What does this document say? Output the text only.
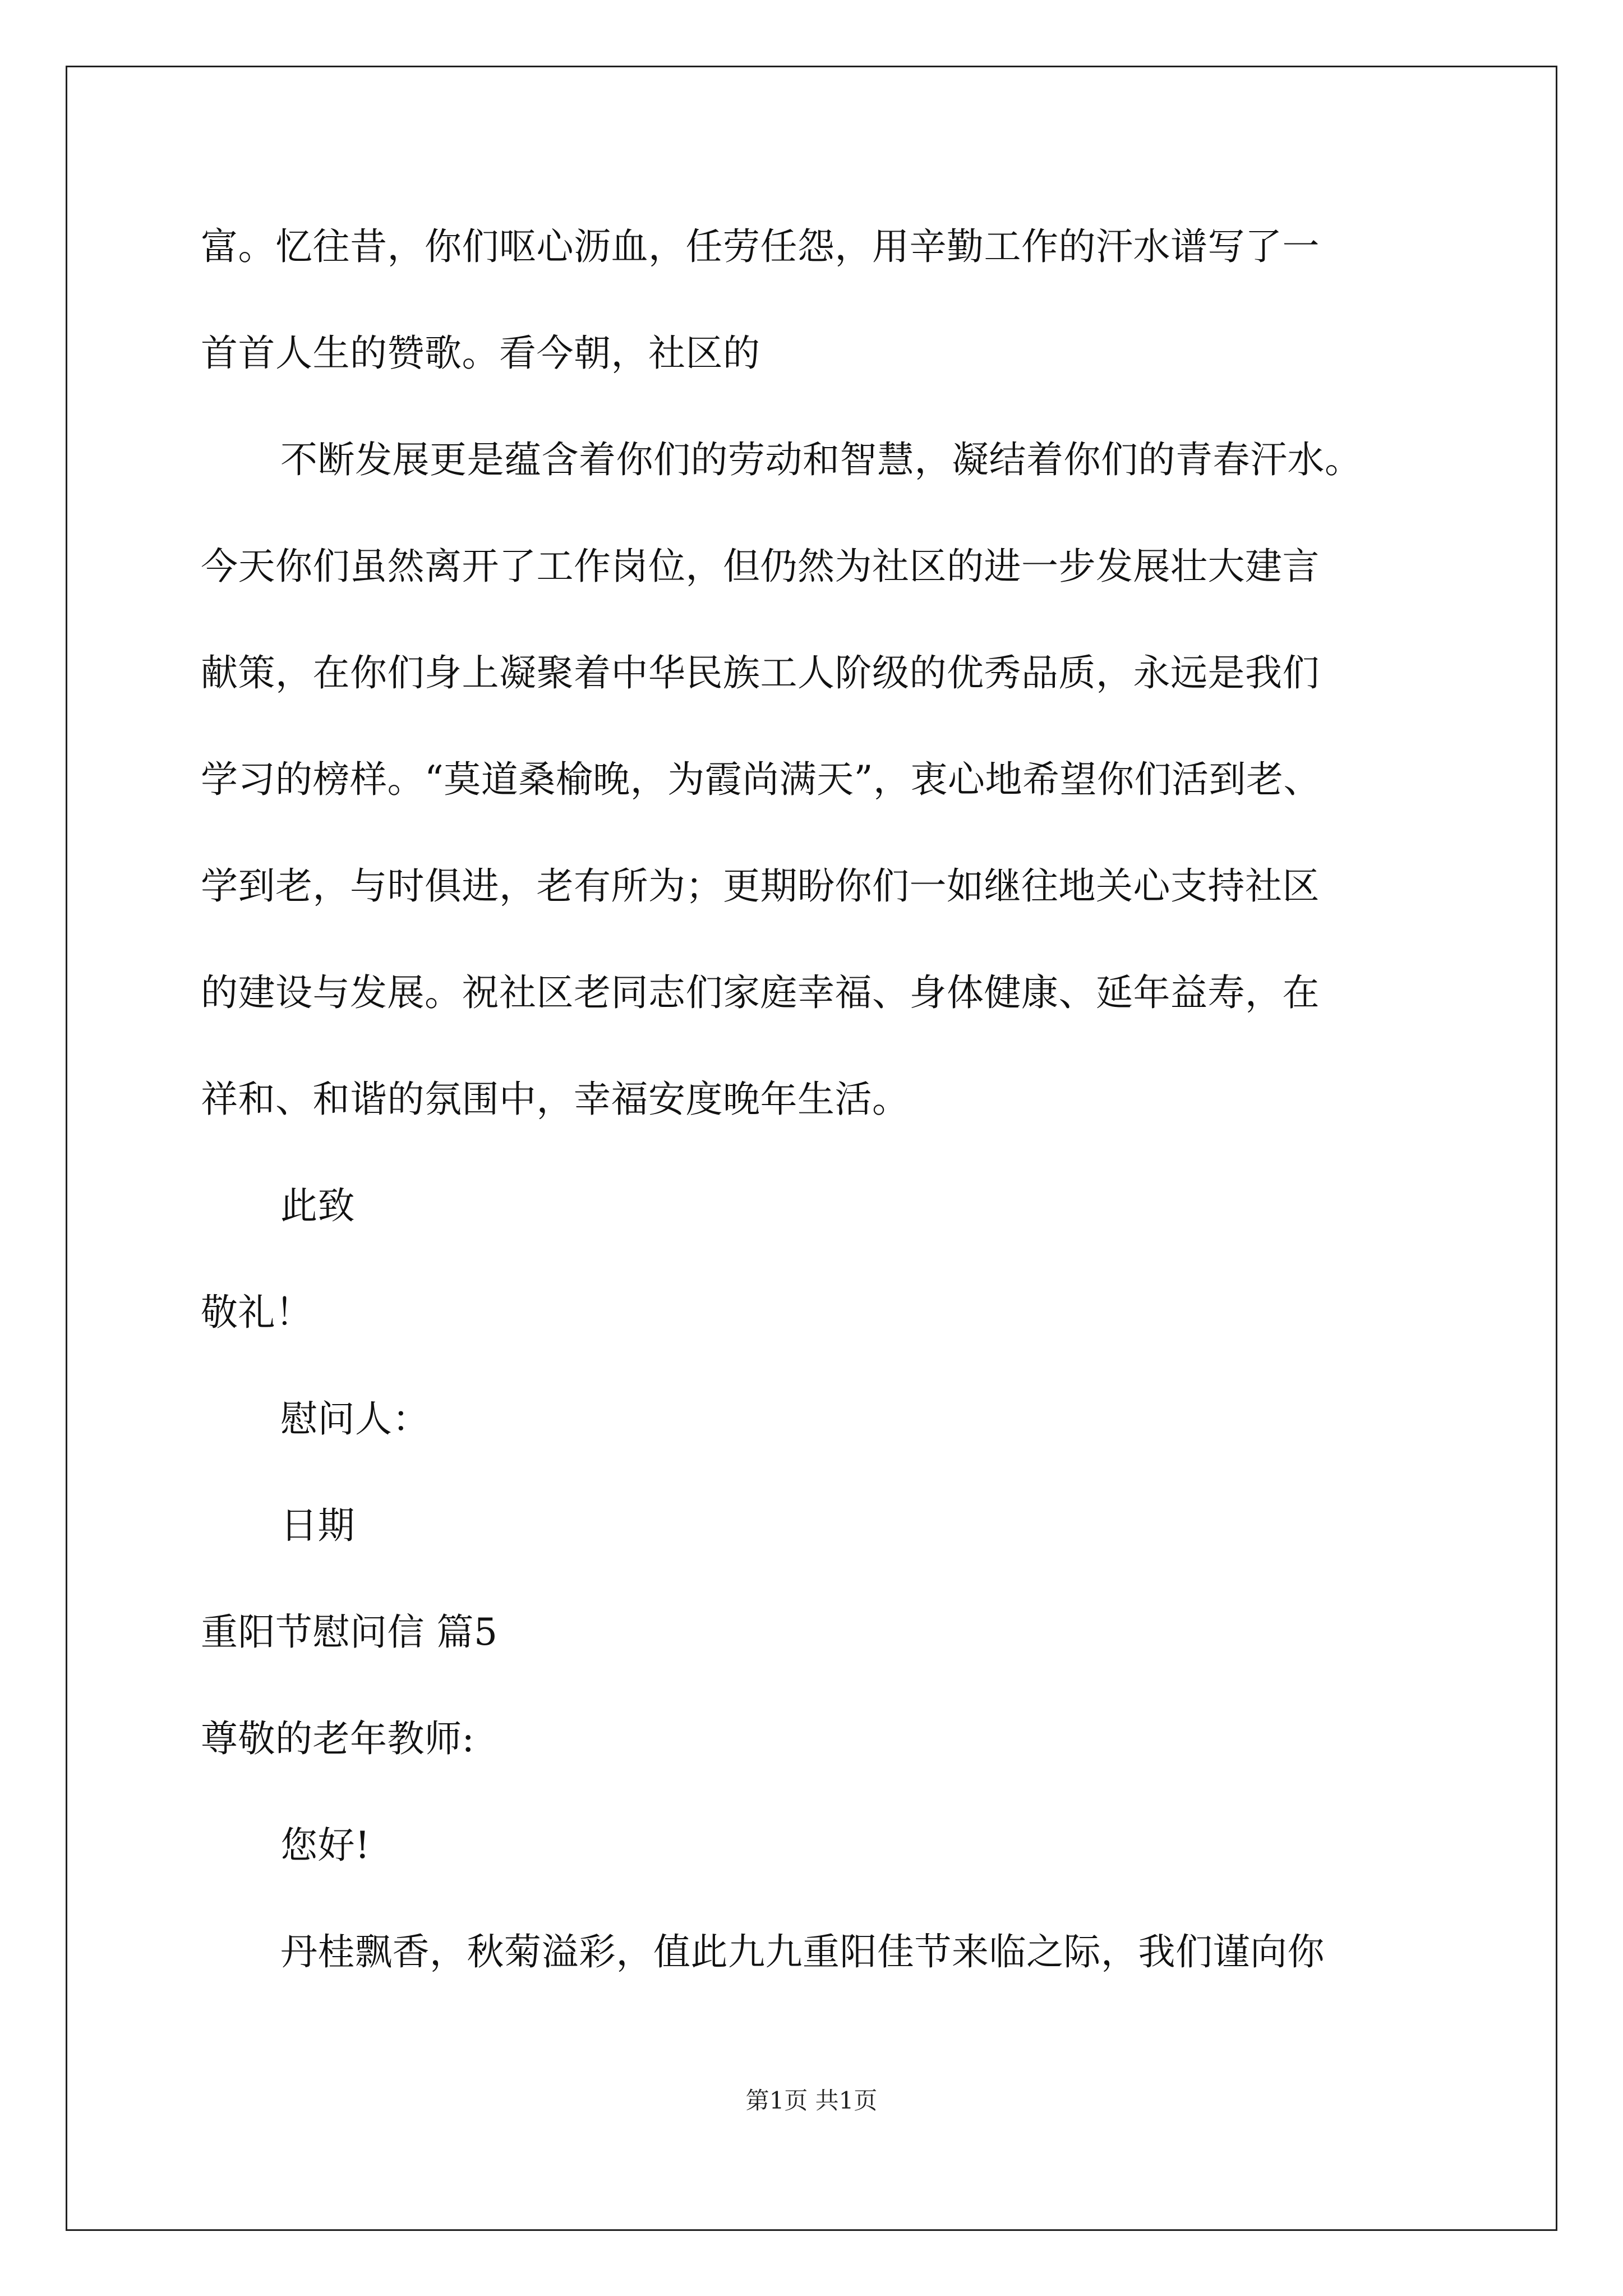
富。忆往昔，你们呕心沥血，任劳任怨，用辛勤工作的汗水谱写了一
首首人生的赞歌。看今朝，社区的
不断发展更是蕴含着你们的劳动和智慧，凝结着你们的青春汗水。
今天你们虽然离开了工作岗位，但仍然为社区的进一步发展壮大建言
献策，在你们身上凝聚着中华民族工人阶级的优秀品质，永远是我们
学习的榜样。“莫道桑榆晚，为霞尚满天”，衷心地希望你们活到老、
学到老，与时俱进，老有所为；更期盼你们一如继往地关心支持社区
的建设与发展。祝社区老同志们家庭幸福、身体健康、延年益寿，在
祥和、和谐的氛围中，幸福安度晚年生活。
此致
敬礼！
慰问人：
日期
重阳节慰问信 篇5
尊敬的老年教师:
您好!
丹桂飘香，秋菊溢彩，值此九九重阳佳节来临之际，我们谨向你
第1页 共1页
